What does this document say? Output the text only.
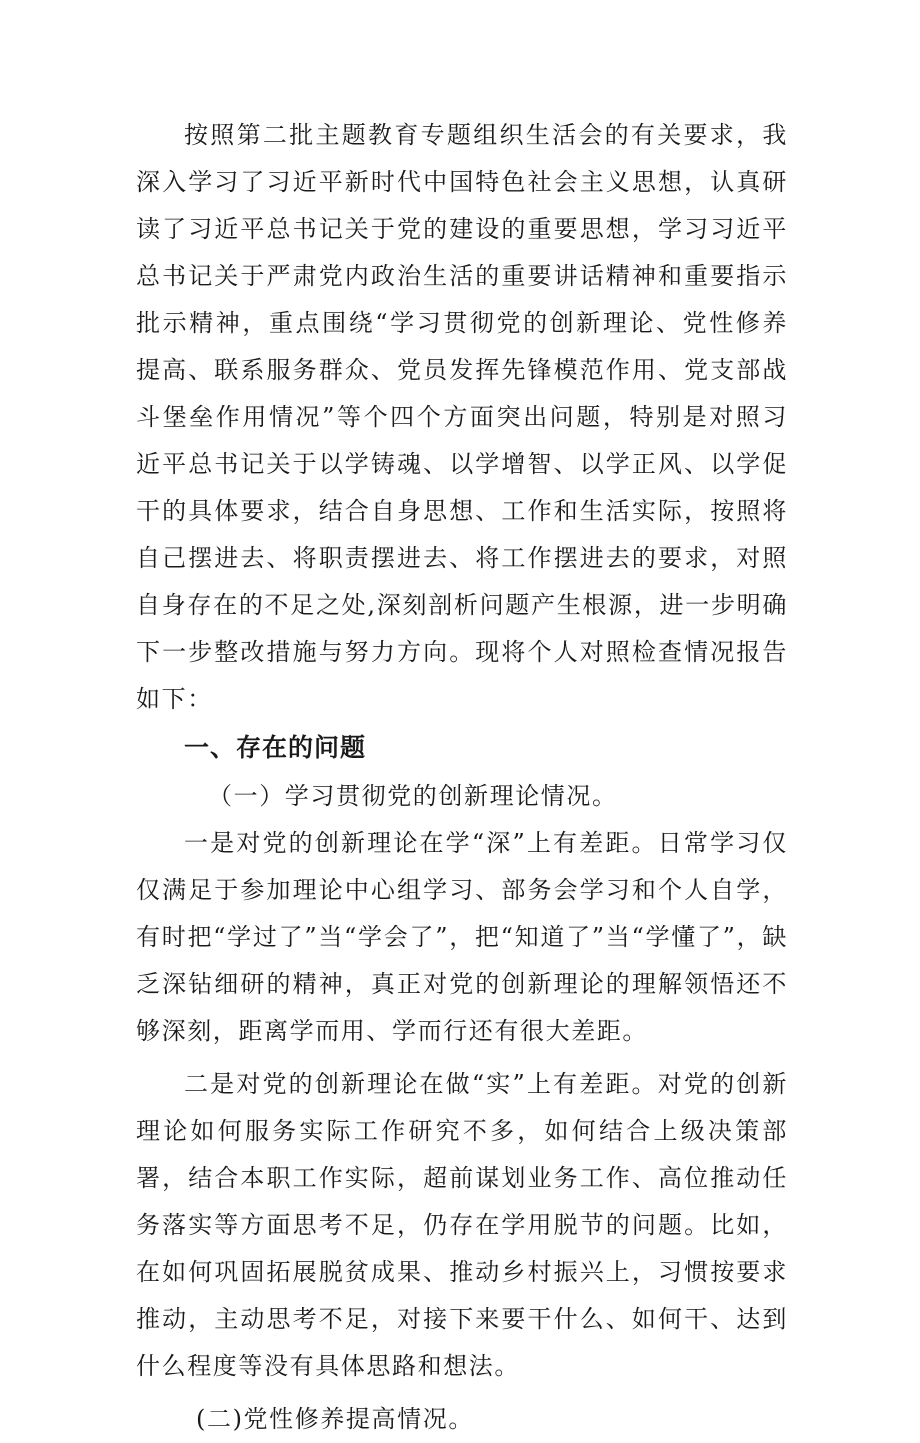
按照第二批主题教育专题组织生活会的有关要求，我深入学习了习近平新时代中国特色社会主义思想，认真研读了习近平总书记关于党的建设的重要思想，学习习近平总书记关于严肃党内政治生活的重要讲话精神和重要指示批示精神，重点围绕“学习贯彻党的创新理论、党性修养提高、联系服务群众、党员发挥先锋模范作用、党支部战斗堡垒作用情况”等个四个方面突出问题，特别是对照习近平总书记关于以学铸魂、以学增智、以学正风、以学促干的具体要求，结合自身思想、工作和生活实际，按照将自己摆进去、将职责摆进去、将工作摆进去的要求，对照自身存在的不足之处,深刻剖析问题产生根源，进一步明确下一步整改措施与努力方向。现将个人对照检查情况报告如下：

一、存在的问题

（一）学习贯彻党的创新理论情况。

一是对党的创新理论在学“深”上有差距。日常学习仅仅满足于参加理论中心组学习、部务会学习和个人自学，有时把“学过了”当“学会了”，把“知道了”当“学懂了”，缺乏深钻细研的精神，真正对党的创新理论的理解领悟还不够深刻，距离学而用、学而行还有很大差距。

二是对党的创新理论在做“实”上有差距。对党的创新理论如何服务实际工作研究不多，如何结合上级决策部署，结合本职工作实际，超前谋划业务工作、高位推动任务落实等方面思考不足，仍存在学用脱节的问题。比如，在如何巩固拓展脱贫成果、推动乡村振兴上，习惯按要求推动，主动思考不足，对接下来要干什么、如何干、达到什么程度等没有具体思路和想法。

(二)党性修养提高情况。
